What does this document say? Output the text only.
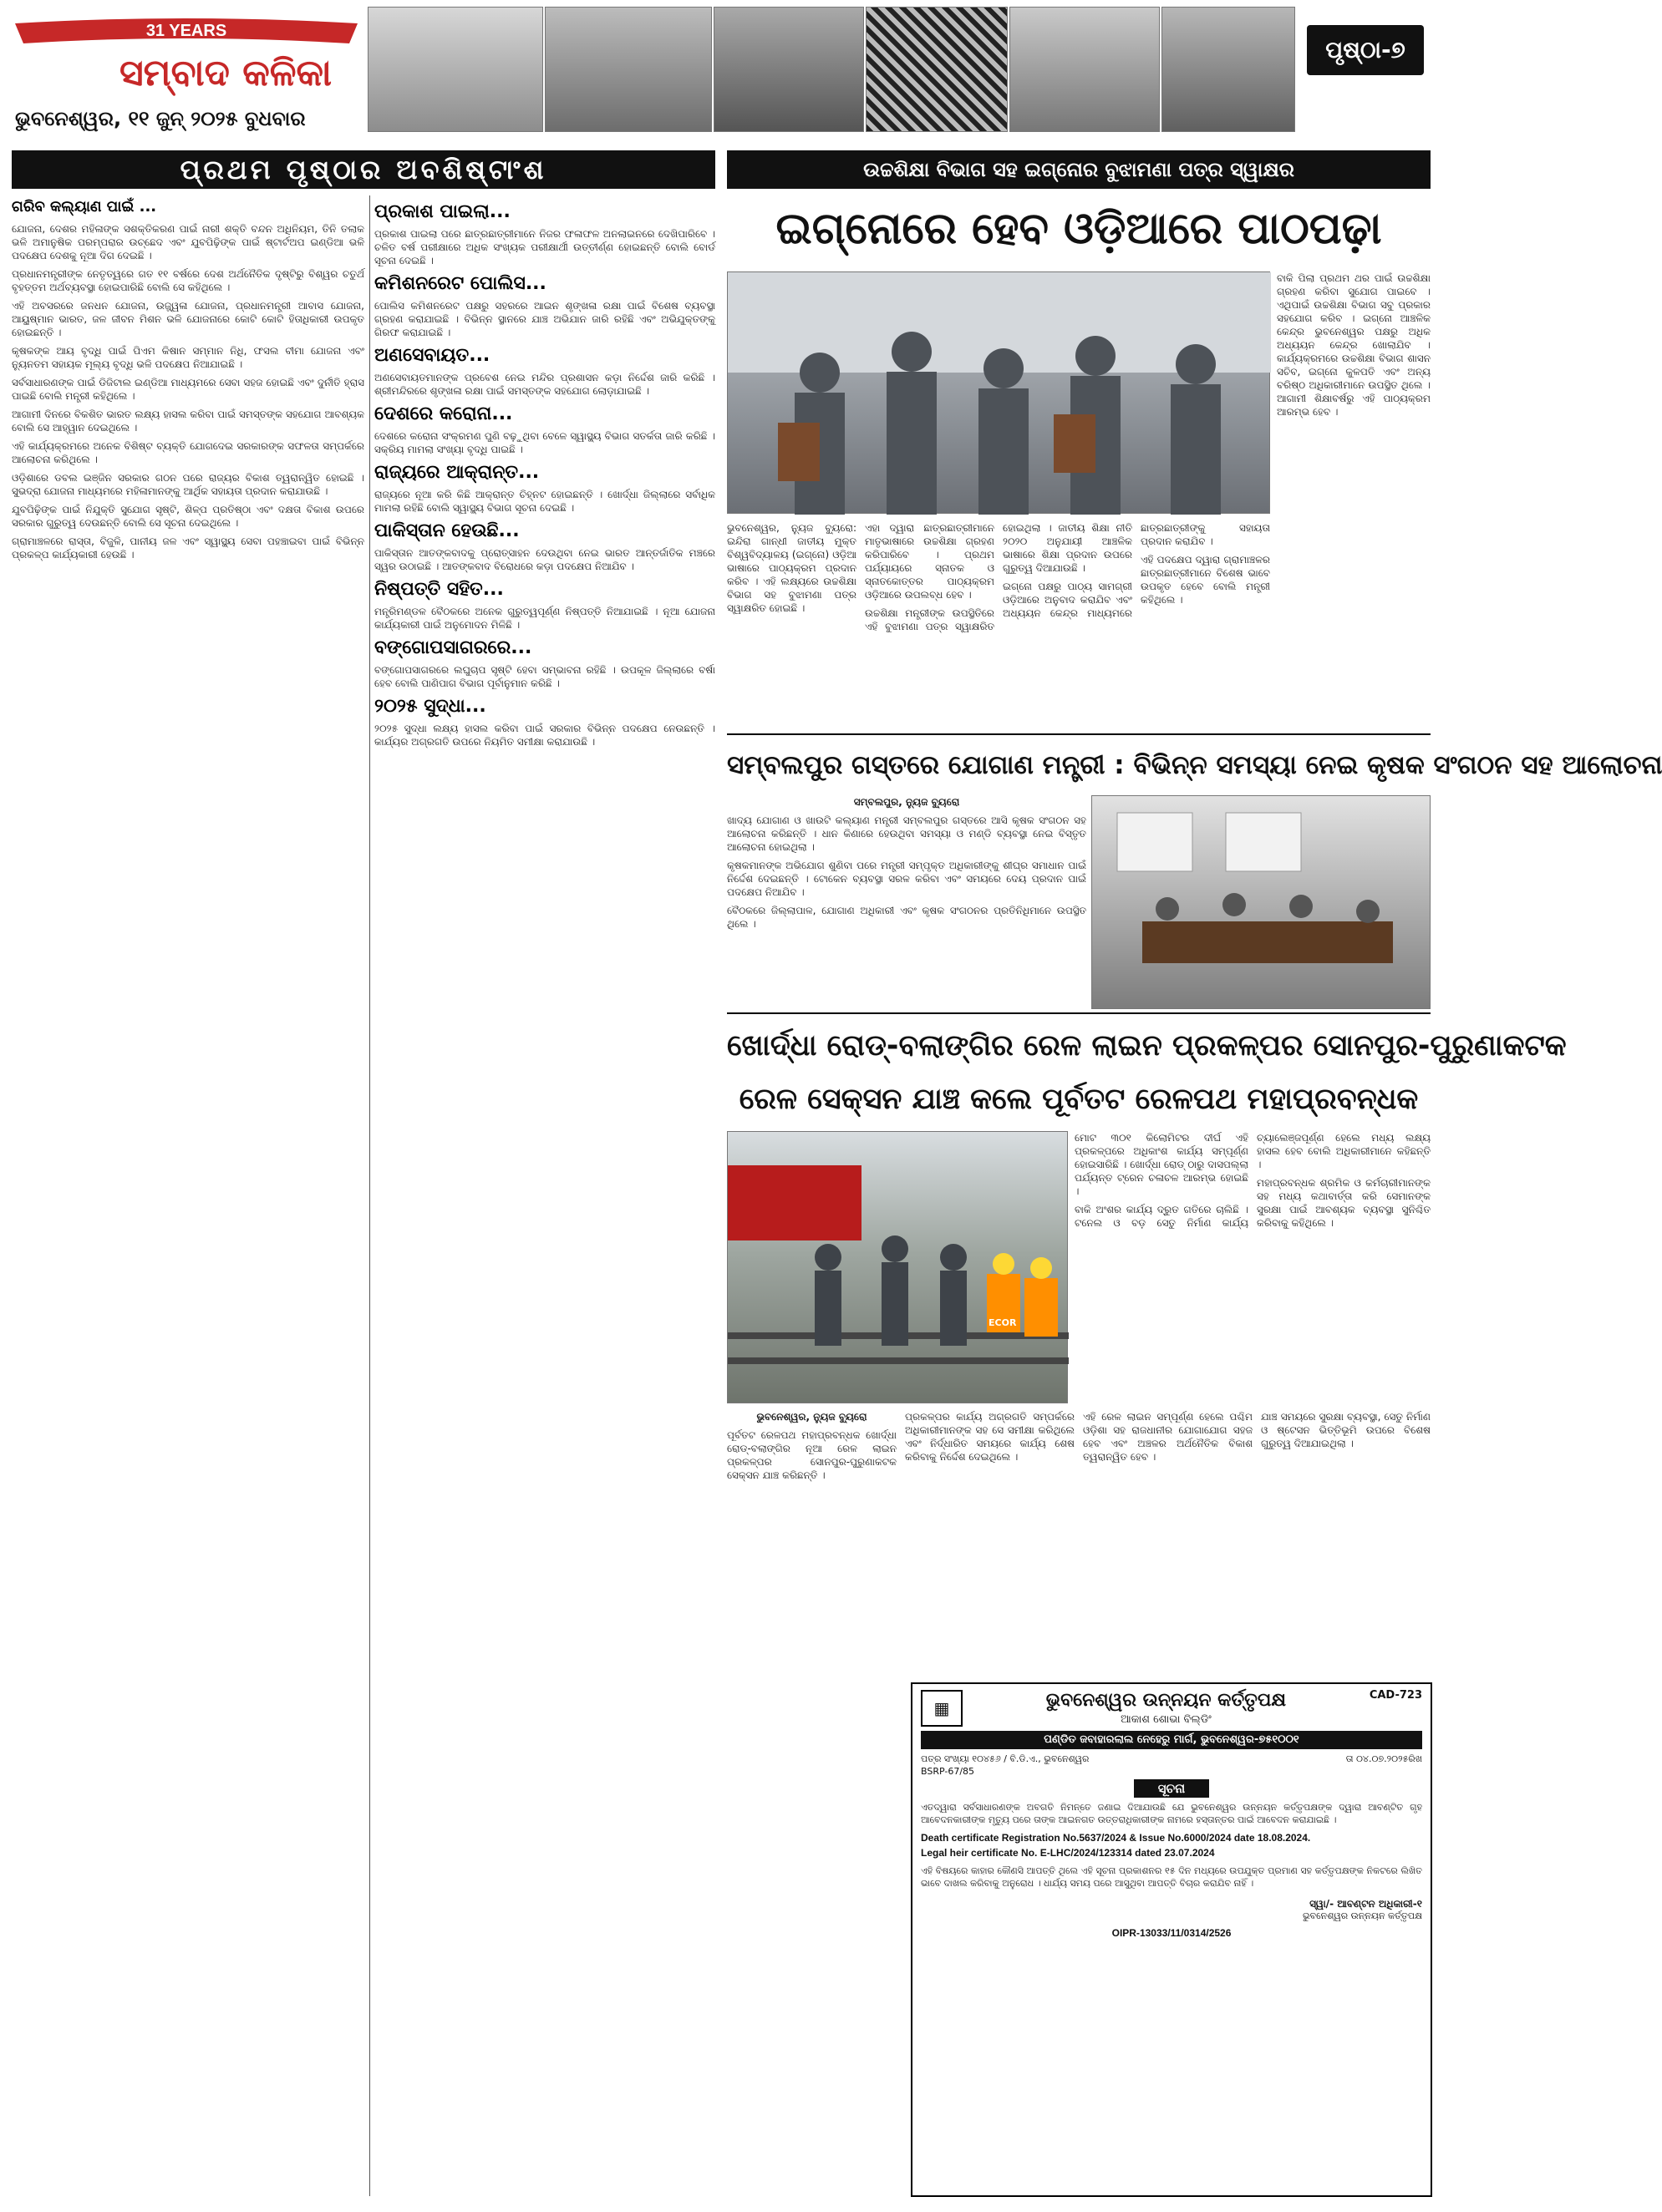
31 YEARS
ସମ୍ବାଦ କଳିକା
ଭୁବନେଶ୍ୱର, ୧୧ ଜୁନ୍ ୨୦୨୫ ବୁଧବାର
ପୃଷ୍ଠା-୭
ପ୍ରଥମ ପୃଷ୍ଠାର ଅବଶିଷ୍ଟାଂଶ
ଗରିବ କଲ୍ୟାଣ ପାଇଁ ...
ଯୋଜନା, ଦେଶର ମହିଳାଙ୍କ ସଶକ୍ତିକରଣ ପାଇଁ ନାରୀ ଶକ୍ତି ବନ୍ଦନ ଅଧିନିୟମ, ତିନି ତଲାକ ଭଳି ଅମାନୁଷିକ ପରମ୍ପରାର ଉଚ୍ଛେଦ ଏବଂ ଯୁବପିଢ଼ିଙ୍କ ପାଇଁ ଷ୍ଟାର୍ଟଅପ ଇଣ୍ଡିଆ ଭଳି ପଦକ୍ଷେପ ଦେଶକୁ ନୂଆ ଦିଗ ଦେଇଛି ।
ପ୍ରଧାନମନ୍ତ୍ରୀଙ୍କ ନେତୃତ୍ୱରେ ଗତ ୧୧ ବର୍ଷରେ ଦେଶ ଅର୍ଥନୈତିକ ଦୃଷ୍ଟିରୁ ବିଶ୍ୱର ଚତୁର୍ଥ ବୃହତ୍ତମ ଅର୍ଥବ୍ୟବସ୍ଥା ହୋଇପାରିଛି ବୋଲି ସେ କହିଥିଲେ ।
ଏହି ଅବସରରେ ଜନଧନ ଯୋଜନା, ଉଜ୍ଜ୍ୱଳା ଯୋଜନା, ପ୍ରଧାନମନ୍ତ୍ରୀ ଆବାସ ଯୋଜନା, ଆୟୁଷ୍ମାନ ଭାରତ, ଜଳ ଜୀବନ ମିଶନ ଭଳି ଯୋଜନାରେ କୋଟି କୋଟି ହିତାଧିକାରୀ ଉପକୃତ ହୋଇଛନ୍ତି ।
କୃଷକଙ୍କ ଆୟ ବୃଦ୍ଧି ପାଇଁ ପିଏମ କିଷାନ ସମ୍ମାନ ନିଧି, ଫସଲ ବୀମା ଯୋଜନା ଏବଂ ନ୍ୟୁନତମ ସହାୟକ ମୂଲ୍ୟ ବୃଦ୍ଧି ଭଳି ପଦକ୍ଷେପ ନିଆଯାଇଛି ।
ସର୍ବସାଧାରଣଙ୍କ ପାଇଁ ଡିଜିଟାଲ ଇଣ୍ଡିଆ ମାଧ୍ୟମରେ ସେବା ସହଜ ହୋଇଛି ଏବଂ ଦୁର୍ନୀତି ହ୍ରାସ ପାଇଛି ବୋଲି ମନ୍ତ୍ରୀ କହିଥିଲେ ।
ଆଗାମୀ ଦିନରେ ବିକଶିତ ଭାରତ ଲକ୍ଷ୍ୟ ହାସଲ କରିବା ପାଇଁ ସମସ୍ତଙ୍କ ସହଯୋଗ ଆବଶ୍ୟକ ବୋଲି ସେ ଆହ୍ୱାନ ଦେଇଥିଲେ ।
ଏହି କାର୍ଯ୍ୟକ୍ରମରେ ଅନେକ ବିଶିଷ୍ଟ ବ୍ୟକ୍ତି ଯୋଗଦେଇ ସରକାରଙ୍କ ସଫଳତା ସମ୍ପର୍କରେ ଆଲୋଚନା କରିଥିଲେ ।
ଓଡ଼ିଶାରେ ଡବଲ ଇଞ୍ଜିନ ସରକାର ଗଠନ ପରେ ରାଜ୍ୟର ବିକାଶ ତ୍ୱରାନ୍ୱିତ ହୋଇଛି । ସୁଭଦ୍ରା ଯୋଜନା ମାଧ୍ୟମରେ ମହିଳାମାନଙ୍କୁ ଆର୍ଥିକ ସହାୟତା ପ୍ରଦାନ କରାଯାଉଛି ।
ଯୁବପିଢ଼ିଙ୍କ ପାଇଁ ନିଯୁକ୍ତି ସୁଯୋଗ ସୃଷ୍ଟି, ଶିଳ୍ପ ପ୍ରତିଷ୍ଠା ଏବଂ ଦକ୍ଷତା ବିକାଶ ଉପରେ ସରକାର ଗୁରୁତ୍ୱ ଦେଉଛନ୍ତି ବୋଲି ସେ ସୂଚନା ଦେଇଥିଲେ ।
ଗ୍ରାମାଞ୍ଚଳରେ ରାସ୍ତା, ବିଜୁଳି, ପାନୀୟ ଜଳ ଏବଂ ସ୍ୱାସ୍ଥ୍ୟ ସେବା ପହଞ୍ଚାଇବା ପାଇଁ ବିଭିନ୍ନ ପ୍ରକଳ୍ପ କାର୍ଯ୍ୟକାରୀ ହେଉଛି ।
ପ୍ରକାଶ ପାଇଲା...
ପ୍ରକାଶ ପାଇଲା ପରେ ଛାତ୍ରଛାତ୍ରୀମାନେ ନିଜର ଫଳାଫଳ ଅନଲାଇନରେ ଦେଖିପାରିବେ । ଚଳିତ ବର୍ଷ ପରୀକ୍ଷାରେ ଅଧିକ ସଂଖ୍ୟକ ପରୀକ୍ଷାର୍ଥୀ ଉତ୍ତୀର୍ଣ୍ଣ ହୋଇଛନ୍ତି ବୋଲି ବୋର୍ଡ ସୂଚନା ଦେଇଛି ।
କମିଶନରେଟ ପୋଲିସ...
ପୋଲିସ କମିଶନରେଟ ପକ୍ଷରୁ ସହରରେ ଆଇନ ଶୃଙ୍ଖଳା ରକ୍ଷା ପାଇଁ ବିଶେଷ ବ୍ୟବସ୍ଥା ଗ୍ରହଣ କରାଯାଇଛି । ବିଭିନ୍ନ ସ୍ଥାନରେ ଯାଞ୍ଚ ଅଭିଯାନ ଜାରି ରହିଛି ଏବଂ ଅଭିଯୁକ୍ତଙ୍କୁ ଗିରଫ କରାଯାଇଛି ।
ଅଣସେବାୟତ...
ଅଣସେବାୟତମାନଙ୍କ ପ୍ରବେଶ ନେଇ ମନ୍ଦିର ପ୍ରଶାସନ କଡ଼ା ନିର୍ଦ୍ଦେଶ ଜାରି କରିଛି । ଶ୍ରୀମନ୍ଦିରରେ ଶୃଙ୍ଖଳା ରକ୍ଷା ପାଇଁ ସମସ୍ତଙ୍କ ସହଯୋଗ ଲୋଡ଼ାଯାଇଛି ।
ଦେଶରେ କରୋନା...
ଦେଶରେ କରୋନା ସଂକ୍ରମଣ ପୁଣି ବଢ଼ୁଥିବା ବେଳେ ସ୍ୱାସ୍ଥ୍ୟ ବିଭାଗ ସତର୍କତା ଜାରି କରିଛି । ସକ୍ରିୟ ମାମଲା ସଂଖ୍ୟା ବୃଦ୍ଧି ପାଇଛି ।
ରାଜ୍ୟରେ ଆକ୍ରାନ୍ତ...
ରାଜ୍ୟରେ ନୂଆ କରି କିଛି ଆକ୍ରାନ୍ତ ଚିହ୍ନଟ ହୋଇଛନ୍ତି । ଖୋର୍ଦ୍ଧା ଜିଲ୍ଲାରେ ସର୍ବାଧିକ ମାମଲା ରହିଛି ବୋଲି ସ୍ୱାସ୍ଥ୍ୟ ବିଭାଗ ସୂଚନା ଦେଇଛି ।
ପାକିସ୍ତାନ ହେଉଛି...
ପାକିସ୍ତାନ ଆତଙ୍କବାଦକୁ ପ୍ରୋତ୍ସାହନ ଦେଉଥିବା ନେଇ ଭାରତ ଆନ୍ତର୍ଜାତିକ ମଞ୍ଚରେ ସ୍ୱର ଉଠାଇଛି । ଆତଙ୍କବାଦ ବିରୋଧରେ କଡ଼ା ପଦକ୍ଷେପ ନିଆଯିବ ।
ନିଷ୍ପତ୍ତି ସହିତ...
ମନ୍ତ୍ରିମଣ୍ଡଳ ବୈଠକରେ ଅନେକ ଗୁରୁତ୍ୱପୂର୍ଣ୍ଣ ନିଷ୍ପତ୍ତି ନିଆଯାଇଛି । ନୂଆ ଯୋଜନା କାର୍ଯ୍ୟକାରୀ ପାଇଁ ଅନୁମୋଦନ ମିଳିଛି ।
ବଙ୍ଗୋପସାଗରରେ...
ବଙ୍ଗୋପସାଗରରେ ଲଘୁଚାପ ସୃଷ୍ଟି ହେବା ସମ୍ଭାବନା ରହିଛି । ଉପକୂଳ ଜିଲ୍ଲାରେ ବର୍ଷା ହେବ ବୋଲି ପାଣିପାଗ ବିଭାଗ ପୂର୍ବାନୁମାନ କରିଛି ।
୨୦୨୫ ସୁଦ୍ଧା...
୨୦୨୫ ସୁଦ୍ଧା ଲକ୍ଷ୍ୟ ହାସଲ କରିବା ପାଇଁ ସରକାର ବିଭିନ୍ନ ପଦକ୍ଷେପ ନେଉଛନ୍ତି । କାର୍ଯ୍ୟର ଅଗ୍ରଗତି ଉପରେ ନିୟମିତ ସମୀକ୍ଷା କରାଯାଉଛି ।
ଉଚ୍ଚଶିକ୍ଷା ବିଭାଗ ସହ ଇଗ୍ନୋର ବୁଝାମଣା ପତ୍ର ସ୍ୱାକ୍ଷର
ଇଗ୍ନୋରେ ହେବ ଓଡ଼ିଆରେ ପାଠପଢ଼ା
ବାକି ପିଲା ପ୍ରଥମ ଥର ପାଇଁ ଉଚ୍ଚଶିକ୍ଷା ଗ୍ରହଣ କରିବା ସୁଯୋଗ ପାଇବେ । ଏଥିପାଇଁ ଉଚ୍ଚଶିକ୍ଷା ବିଭାଗ ସବୁ ପ୍ରକାର ସହଯୋଗ କରିବ । ଇଗ୍ନୋ ଆଞ୍ଚଳିକ କେନ୍ଦ୍ର ଭୁବନେଶ୍ୱର ପକ୍ଷରୁ ଅଧିକ ଅଧ୍ୟୟନ କେନ୍ଦ୍ର ଖୋଲାଯିବ । କାର୍ଯ୍ୟକ୍ରମରେ ଉଚ୍ଚଶିକ୍ଷା ବିଭାଗ ଶାସନ ସଚିବ, ଇଗ୍ନୋ କୁଳପତି ଏବଂ ଅନ୍ୟ ବରିଷ୍ଠ ଅଧିକାରୀମାନେ ଉପସ୍ଥିତ ଥିଲେ । ଆଗାମୀ ଶିକ୍ଷାବର୍ଷରୁ ଏହି ପାଠ୍ୟକ୍ରମ ଆରମ୍ଭ ହେବ ।
ଭୁବନେଶ୍ୱର, ନ୍ୟୁଜ ବ୍ୟୁରୋ: ଇନ୍ଦିରା ଗାନ୍ଧୀ ଜାତୀୟ ମୁକ୍ତ ବିଶ୍ୱବିଦ୍ୟାଳୟ (ଇଗ୍ନୋ) ଓଡ଼ିଆ ଭାଷାରେ ପାଠ୍ୟକ୍ରମ ପ୍ରଦାନ କରିବ । ଏହି ଲକ୍ଷ୍ୟରେ ଉଚ୍ଚଶିକ୍ଷା ବିଭାଗ ସହ ବୁଝାମଣା ପତ୍ର ସ୍ୱାକ୍ଷରିତ ହୋଇଛି ।
ଏହା ଦ୍ୱାରା ଛାତ୍ରଛାତ୍ରୀମାନେ ମାତୃଭାଷାରେ ଉଚ୍ଚଶିକ୍ଷା ଗ୍ରହଣ କରିପାରିବେ । ପ୍ରଥମ ପର୍ଯ୍ୟାୟରେ ସ୍ନାତକ ଓ ସ୍ନାତକୋତ୍ତର ପାଠ୍ୟକ୍ରମ ଓଡ଼ିଆରେ ଉପଲବ୍ଧ ହେବ ।
ଉଚ୍ଚଶିକ୍ଷା ମନ୍ତ୍ରୀଙ୍କ ଉପସ୍ଥିତିରେ ଏହି ବୁଝାମଣା ପତ୍ର ସ୍ୱାକ୍ଷରିତ ହୋଇଥିଲା । ଜାତୀୟ ଶିକ୍ଷା ନୀତି ୨୦୨୦ ଅନୁଯାୟୀ ଆଞ୍ଚଳିକ ଭାଷାରେ ଶିକ୍ଷା ପ୍ରଦାନ ଉପରେ ଗୁରୁତ୍ୱ ଦିଆଯାଉଛି ।
ଇଗ୍ନୋ ପକ୍ଷରୁ ପାଠ୍ୟ ସାମଗ୍ରୀ ଓଡ଼ିଆରେ ଅନୁବାଦ କରାଯିବ ଏବଂ ଅଧ୍ୟୟନ କେନ୍ଦ୍ର ମାଧ୍ୟମରେ ଛାତ୍ରଛାତ୍ରୀଙ୍କୁ ସହାୟତା ପ୍ରଦାନ କରାଯିବ ।
ଏହି ପଦକ୍ଷେପ ଦ୍ୱାରା ଗ୍ରାମାଞ୍ଚଳର ଛାତ୍ରଛାତ୍ରୀମାନେ ବିଶେଷ ଭାବେ ଉପକୃତ ହେବେ ବୋଲି ମନ୍ତ୍ରୀ କହିଥିଲେ ।
ସମ୍ବଲପୁର ଗସ୍ତରେ ଯୋଗାଣ ମନ୍ତ୍ରୀ : ବିଭିନ୍ନ ସମସ୍ୟା ନେଇ କୃଷକ ସଂଗଠନ ସହ ଆଲୋଚନା
ସମ୍ବଲପୁର, ନ୍ୟୁଜ ବ୍ୟୁରୋ
ଖାଦ୍ୟ ଯୋଗାଣ ଓ ଖାଉଟି କଲ୍ୟାଣ ମନ୍ତ୍ରୀ ସମ୍ବଲପୁର ଗସ୍ତରେ ଆସି କୃଷକ ସଂଗଠନ ସହ ଆଲୋଚନା କରିଛନ୍ତି । ଧାନ କିଣାରେ ହେଉଥିବା ସମସ୍ୟା ଓ ମଣ୍ଡି ବ୍ୟବସ୍ଥା ନେଇ ବିସ୍ତୃତ ଆଲୋଚନା ହୋଇଥିଲା ।
କୃଷକମାନଙ୍କ ଅଭିଯୋଗ ଶୁଣିବା ପରେ ମନ୍ତ୍ରୀ ସମ୍ପୃକ୍ତ ଅଧିକାରୀଙ୍କୁ ଶୀଘ୍ର ସମାଧାନ ପାଇଁ ନିର୍ଦ୍ଦେଶ ଦେଇଛନ୍ତି । ଟୋକେନ ବ୍ୟବସ୍ଥା ସରଳ କରିବା ଏବଂ ସମୟରେ ଦେୟ ପ୍ରଦାନ ପାଇଁ ପଦକ୍ଷେପ ନିଆଯିବ ।
ବୈଠକରେ ଜିଲ୍ଲାପାଳ, ଯୋଗାଣ ଅଧିକାରୀ ଏବଂ କୃଷକ ସଂଗଠନର ପ୍ରତିନିଧିମାନେ ଉପସ୍ଥିତ ଥିଲେ ।
ଖୋର୍ଦ୍ଧା ରୋଡ୍-ବଲାଙ୍ଗିର ରେଳ ଲାଇନ ପ୍ରକଳ୍ପର ସୋନପୁର-ପୁରୁଣାକଟକ
ରେଳ ସେକ୍ସନ ଯାଞ୍ଚ କଲେ ପୂର୍ବତଟ ରେଳପଥ ମହାପ୍ରବନ୍ଧକ
ECOR
ମୋଟ ୩୦୧ କିଲୋମିଟର ଦୀର୍ଘ ଏହି ପ୍ରକଳ୍ପରେ ଅଧିକାଂଶ କାର୍ଯ୍ୟ ସମ୍ପୂର୍ଣ୍ଣ ହୋଇସାରିଛି । ଖୋର୍ଦ୍ଧା ରୋଡ୍ ଠାରୁ ଦାସପଲ୍ଲା ପର୍ଯ୍ୟନ୍ତ ଟ୍ରେନ ଚଳାଚଳ ଆରମ୍ଭ ହୋଇଛି ।
ବାକି ଅଂଶର କାର୍ଯ୍ୟ ଦ୍ରୁତ ଗତିରେ ଚାଲିଛି । ଟନେଲ ଓ ବଡ଼ ସେତୁ ନିର୍ମାଣ କାର୍ଯ୍ୟ ଚ୍ୟାଲେଞ୍ଜପୂର୍ଣ୍ଣ ହେଲେ ମଧ୍ୟ ଲକ୍ଷ୍ୟ ହାସଲ ହେବ ବୋଲି ଅଧିକାରୀମାନେ କହିଛନ୍ତି ।
ମହାପ୍ରବନ୍ଧକ ଶ୍ରମିକ ଓ କର୍ମଚାରୀମାନଙ୍କ ସହ ମଧ୍ୟ କଥାବାର୍ତ୍ତା କରି ସେମାନଙ୍କ ସୁରକ୍ଷା ପାଇଁ ଆବଶ୍ୟକ ବ୍ୟବସ୍ଥା ସୁନିଶ୍ଚିତ କରିବାକୁ କହିଥିଲେ ।
ଭୁବନେଶ୍ୱର, ନ୍ୟୁଜ ବ୍ୟୁରୋ
ପୂର୍ବତଟ ରେଳପଥ ମହାପ୍ରବନ୍ଧକ ଖୋର୍ଦ୍ଧା ରୋଡ୍-ବଲାଙ୍ଗିର ନୂଆ ରେଳ ଲାଇନ ପ୍ରକଳ୍ପର ସୋନପୁର-ପୁରୁଣାକଟକ ସେକ୍ସନ ଯାଞ୍ଚ କରିଛନ୍ତି ।
ପ୍ରକଳ୍ପର କାର୍ଯ୍ୟ ଅଗ୍ରଗତି ସମ୍ପର୍କରେ ଅଧିକାରୀମାନଙ୍କ ସହ ସେ ସମୀକ୍ଷା କରିଥିଲେ ଏବଂ ନିର୍ଦ୍ଧାରିତ ସମୟରେ କାର୍ଯ୍ୟ ଶେଷ କରିବାକୁ ନିର୍ଦ୍ଦେଶ ଦେଇଥିଲେ ।
ଏହି ରେଳ ଲାଇନ ସମ୍ପୂର୍ଣ୍ଣ ହେଲେ ପଶ୍ଚିମ ଓଡ଼ିଶା ସହ ରାଜଧାନୀର ଯୋଗାଯୋଗ ସହଜ ହେବ ଏବଂ ଅଞ୍ଚଳର ଅର୍ଥନୈତିକ ବିକାଶ ତ୍ୱରାନ୍ୱିତ ହେବ ।
ଯାଞ୍ଚ ସମୟରେ ସୁରକ୍ଷା ବ୍ୟବସ୍ଥା, ସେତୁ ନିର୍ମାଣ ଓ ଷ୍ଟେସନ ଭିତ୍ତିଭୂମି ଉପରେ ବିଶେଷ ଗୁରୁତ୍ୱ ଦିଆଯାଇଥିଲା ।
▦	ଭୁବନେଶ୍ୱର ଉନ୍ନୟନ କର୍ତ୍ତୃପକ୍ଷ
ଆକାଶ ଶୋଭା ବିଲ୍ଡିଂ
CAD-723
ପଣ୍ଡିତ ଜବାହାରଲାଲ ନେହେରୁ ମାର୍ଗ, ଭୁବନେଶ୍ୱର-୭୫୧୦୦୧
ପତ୍ର ସଂଖ୍ୟା ୧୦୪୫୬ / ବି.ଡି.ଏ., ଭୁବନେଶ୍ୱର	ତା ୦୪.୦୭.୨୦୨୫ରିଖ
BSRP-67/85
ସୂଚନା
ଏତଦ୍ୱାରା ସର୍ବସାଧାରଣଙ୍କ ଅବଗତି ନିମନ୍ତେ ଜଣାଇ ଦିଆଯାଉଛି ଯେ ଭୁବନେଶ୍ୱର ଉନ୍ନୟନ କର୍ତ୍ତୃପକ୍ଷଙ୍କ ଦ୍ୱାରା ଆବଣ୍ଟିତ ଗୃହ ଆବେଦନକାରୀଙ୍କ ମୃତ୍ୟୁ ପରେ ତାଙ୍କ ଆଇନଗତ ଉତ୍ତରାଧିକାରୀଙ୍କ ନାମରେ ହସ୍ତାନ୍ତର ପାଇଁ ଆବେଦନ କରାଯାଇଛି ।
Death certificate Registration No.5637/2024 & Issue No.6000/2024 date 18.08.2024.
Legal heir certificate No. E-LHC/2024/123314 dated 23.07.2024
ଏହି ବିଷୟରେ କାହାର କୌଣସି ଆପତ୍ତି ଥିଲେ ଏହି ସୂଚନା ପ୍ରକାଶନର ୧୫ ଦିନ ମଧ୍ୟରେ ଉପଯୁକ୍ତ ପ୍ରମାଣ ସହ କର୍ତ୍ତୃପକ୍ଷଙ୍କ ନିକଟରେ ଲିଖିତ ଭାବେ ଦାଖଲ କରିବାକୁ ଅନୁରୋଧ । ଧାର୍ଯ୍ୟ ସମୟ ପରେ ଆସୁଥିବା ଆପତ୍ତି ବିଚାର କରାଯିବ ନାହିଁ ।
ସ୍ୱା/- ଆବଣ୍ଟନ ଅଧିକାରୀ-୧
ଭୁବନେଶ୍ୱର ଉନ୍ନୟନ କର୍ତ୍ତୃପକ୍ଷ
OIPR-13033/11/0314/2526
